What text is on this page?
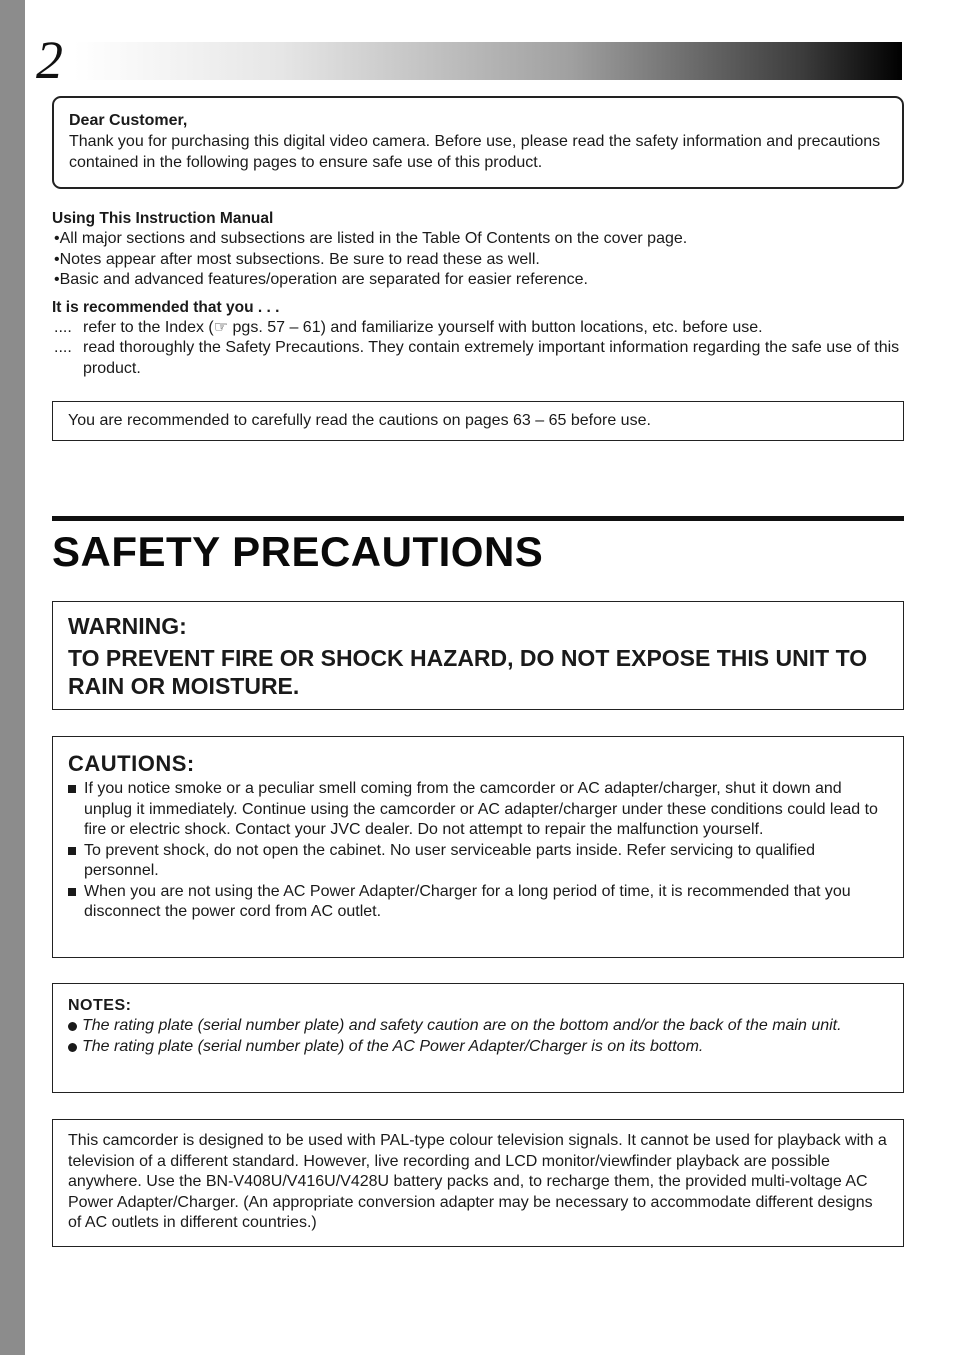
2
Dear Customer,
Thank you for purchasing this digital video camera. Before use, please read the safety information and precautions contained in the following pages to ensure safe use of this product.
Using This Instruction Manual
•All major sections and subsections are listed in the Table Of Contents on the cover page.
•Notes appear after most subsections. Be sure to read these as well.
•Basic and advanced features/operation are separated for easier reference.
It is recommended that you . . .
.... refer to the Index (☞ pgs. 57 – 61) and familiarize yourself with button locations, etc. before use.
.... read thoroughly the Safety Precautions. They contain extremely important information regarding the safe use of this product.
You are recommended to carefully read the cautions on pages 63 – 65 before use.
SAFETY PRECAUTIONS
WARNING:
TO PREVENT FIRE OR SHOCK HAZARD, DO NOT EXPOSE THIS UNIT TO RAIN OR MOISTURE.
CAUTIONS:
If you notice smoke or a peculiar smell coming from the camcorder or AC adapter/charger, shut it down and unplug it immediately. Continue using the camcorder or AC adapter/charger under these conditions could lead to fire or electric shock. Contact your JVC dealer. Do not attempt to repair the malfunction yourself.
To prevent shock, do not open the cabinet. No user serviceable parts inside. Refer servicing to qualified personnel.
When you are not using the AC Power Adapter/Charger for a long period of time, it is recommended that you disconnect the power cord from AC outlet.
NOTES:
The rating plate (serial number plate) and safety caution are on the bottom and/or the back of the main unit.
The rating plate (serial number plate) of the AC Power Adapter/Charger is on its bottom.
This camcorder is designed to be used with PAL-type colour television signals. It cannot be used for playback with a television of a different standard. However, live recording and LCD monitor/viewfinder playback are possible anywhere. Use the BN-V408U/V416U/V428U battery packs and, to recharge them, the provided multi-voltage AC Power Adapter/Charger. (An appropriate conversion adapter may be necessary to accommodate different designs of AC outlets in different countries.)
